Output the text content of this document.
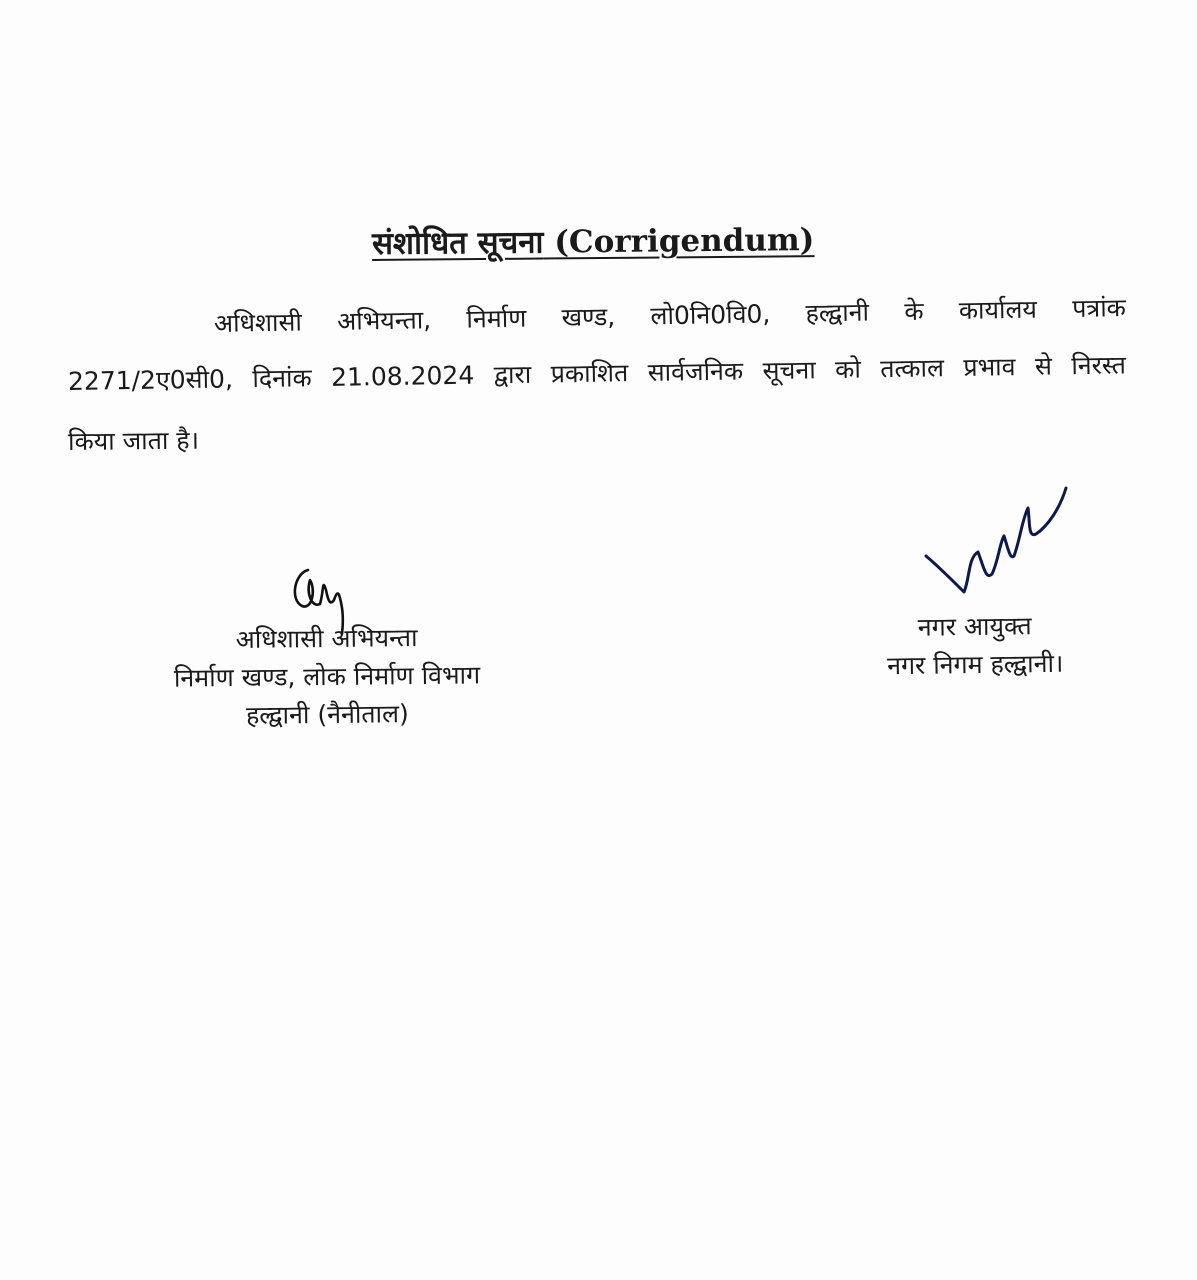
संशोधित सूचना (Corrigendum)
अधिशासी अभियन्ता, निर्माण खण्ड, लो0नि0वि0, हल्द्वानी के कार्यालय पत्रांक
2271/2ए0सी0, दिनांक 21.08.2024 द्वारा प्रकाशित सार्वजनिक सूचना को तत्काल प्रभाव से निरस्त
किया जाता है।
अधिशासी अभियन्ता
निर्माण खण्ड, लोक निर्माण विभाग
हल्द्वानी (नैनीताल)
नगर आयुक्त
नगर निगम हल्द्वानी।
